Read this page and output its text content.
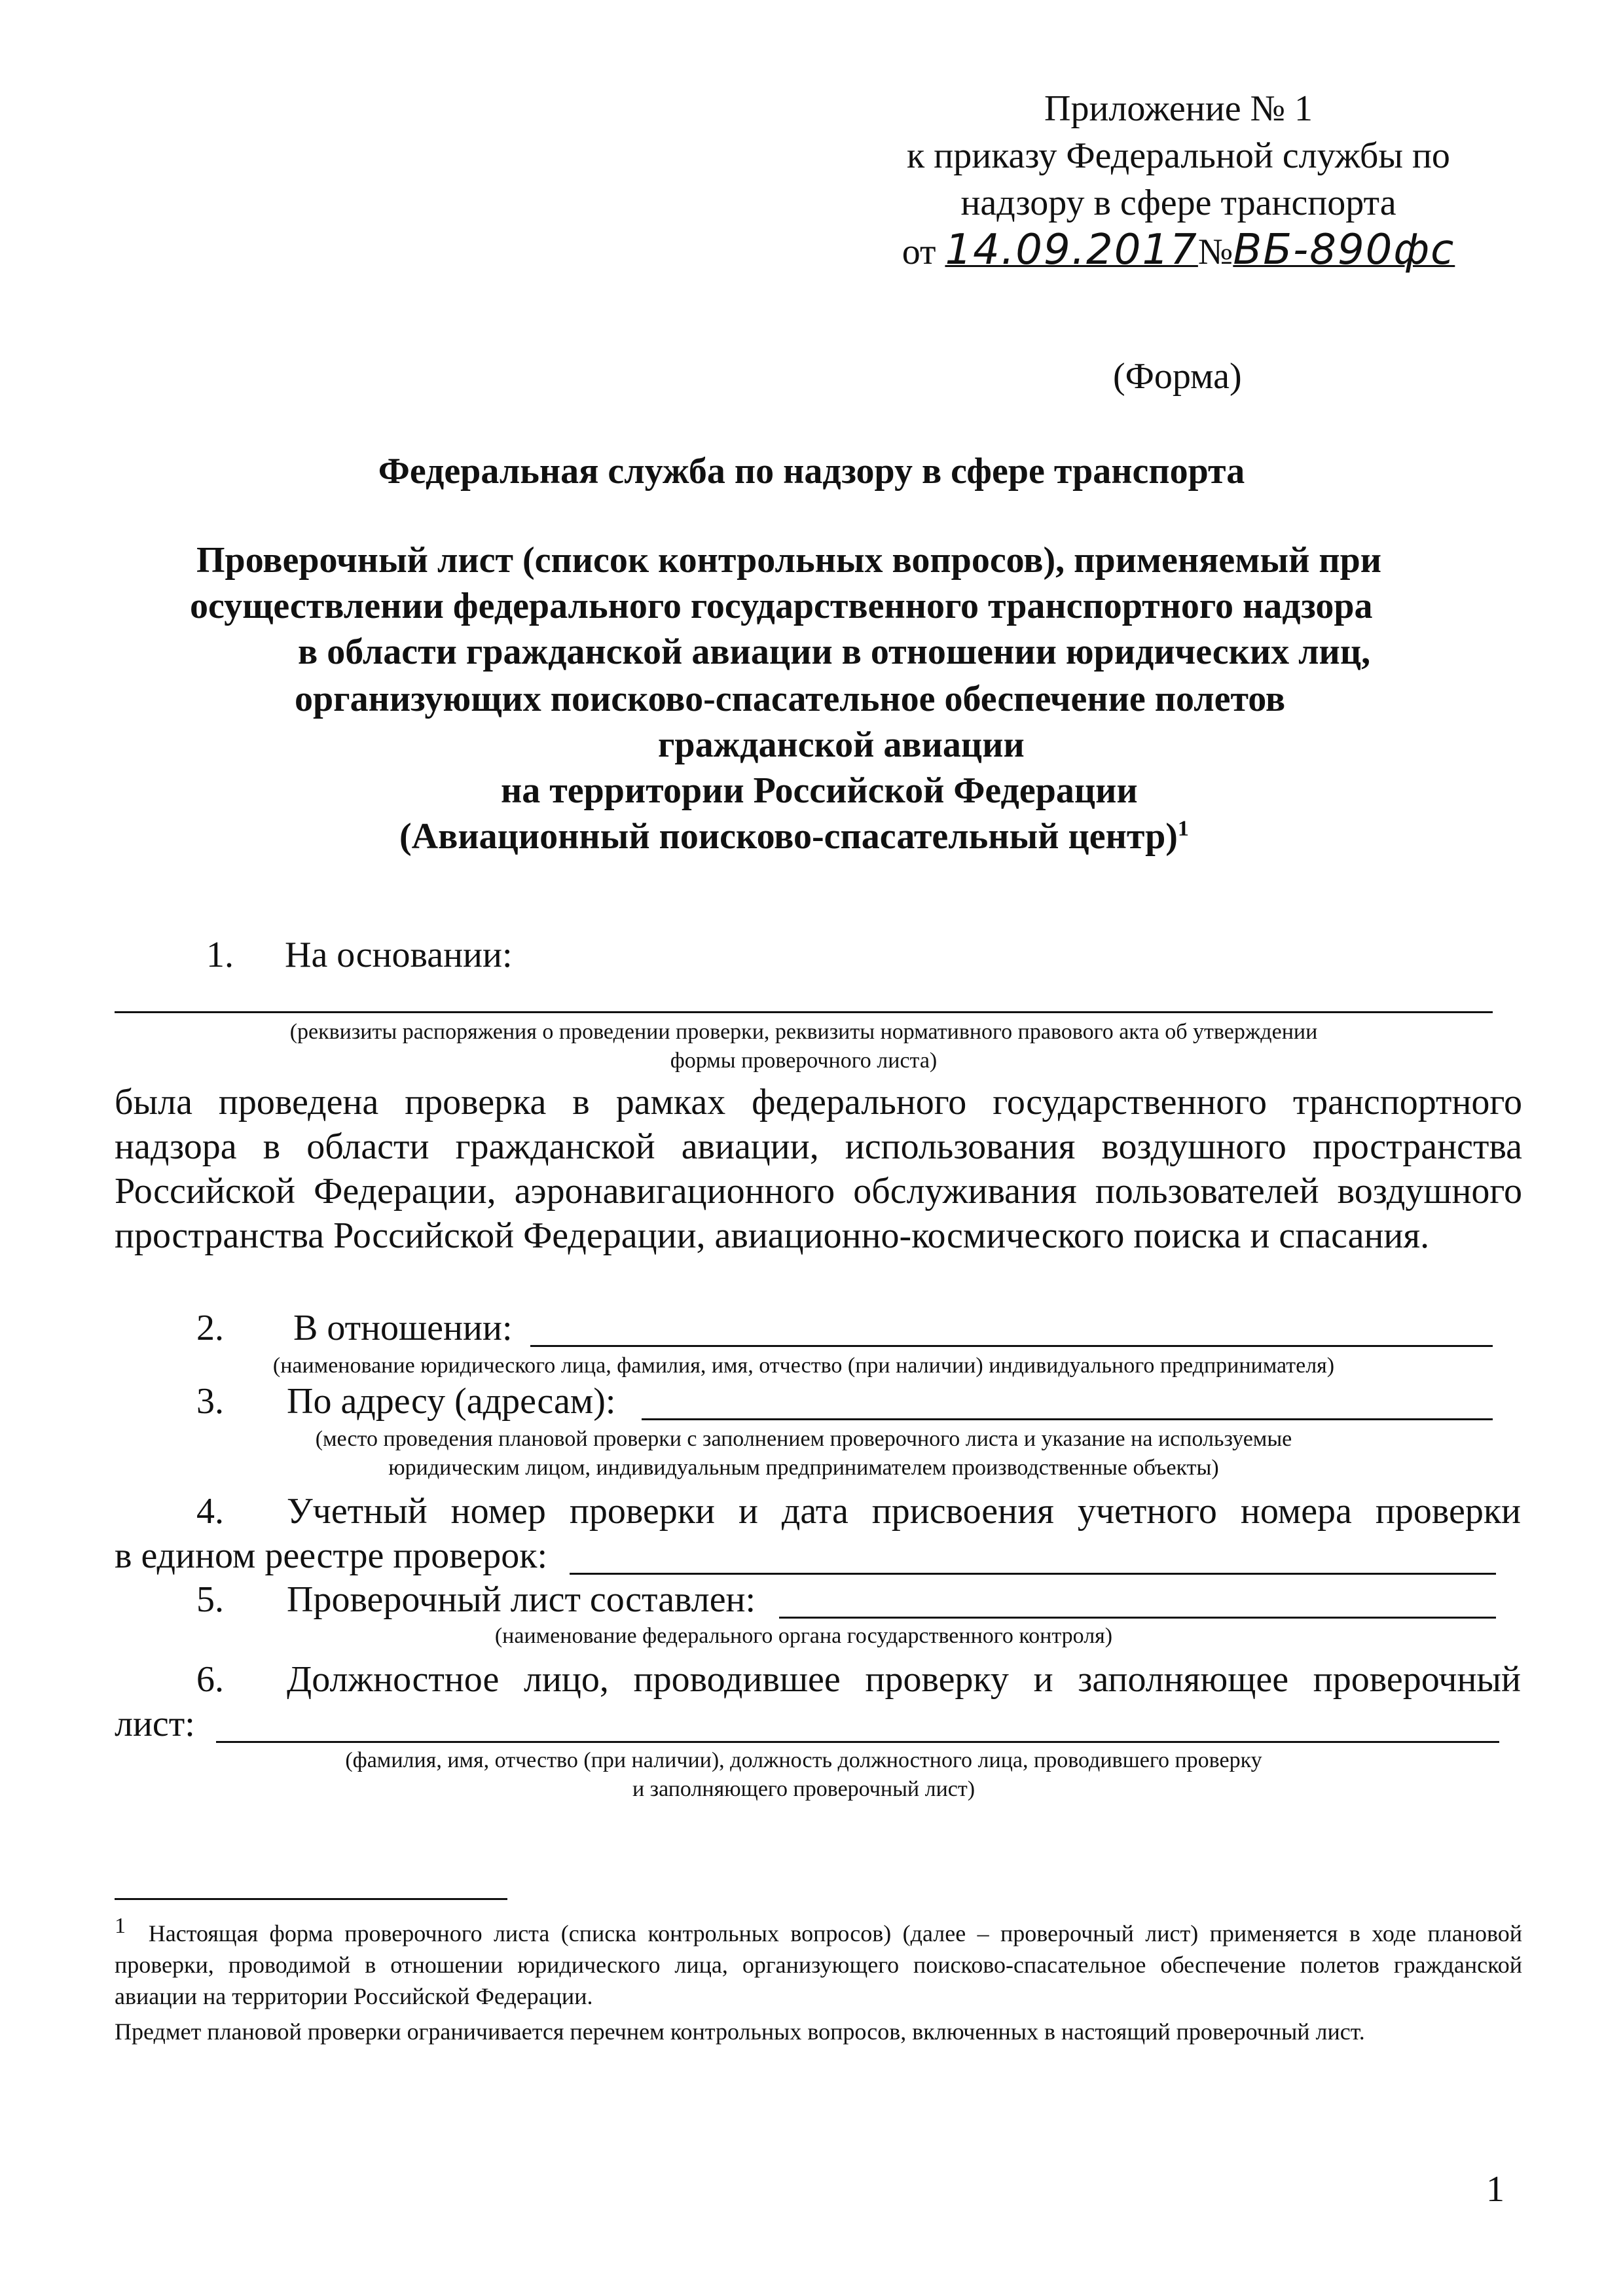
Приложение № 1
к приказу Федеральной службы по
надзору в сфере транспорта
от 14.09.2017№ВБ-890фс
(Форма)
Федеральная служба по надзору в сфере транспорта
Проверочный лист (список контрольных вопросов), применяемый при
осуществлении федерального государственного транспортного надзора
в области гражданской авиации в отношении юридических лиц,
организующих поисково-спасательное обеспечение полетов
гражданской авиации
на территории Российской Федерации
(Авиационный поисково-спасательный центр)$^1$
1. На основании:
(реквизиты распоряжения о проведении проверки, реквизиты нормативного правового акта об утверждении
формы проверочного листа)
была проведена проверка в рамках федерального государственного транспортного надзора в области гражданской авиации, использования воздушного пространства Российской Федерации, аэронавигационного обслуживания пользователей воздушного пространства Российской Федерации, авиационно-космического поиска и спасания.
2. В отношении:
(наименование юридического лица, фамилия, имя, отчество (при наличии) индивидуального предпринимателя)
3. По адресу (адресам):
(место проведения плановой проверки с заполнением проверочного листа и указание на используемые
юридическим лицом, индивидуальным предпринимателем производственные объекты)
4. Учетный номер проверки и дата присвоения учетного номера проверки
в едином реестре проверок:
5. Проверочный лист составлен:
(наименование федерального органа государственного контроля)
6. Должностное лицо, проводившее проверку и заполняющее проверочный
лист:
(фамилия, имя, отчество (при наличии), должность должностного лица, проводившего проверку
и заполняющего проверочный лист)
1 Настоящая форма проверочного листа (списка контрольных вопросов) (далее – проверочный лист) применяется в ходе плановой проверки, проводимой в отношении юридического лица, организующего поисково-спасательное обеспечение полетов гражданской авиации на территории Российской Федерации.
Предмет плановой проверки ограничивается перечнем контрольных вопросов, включенных в настоящий проверочный лист.
1
